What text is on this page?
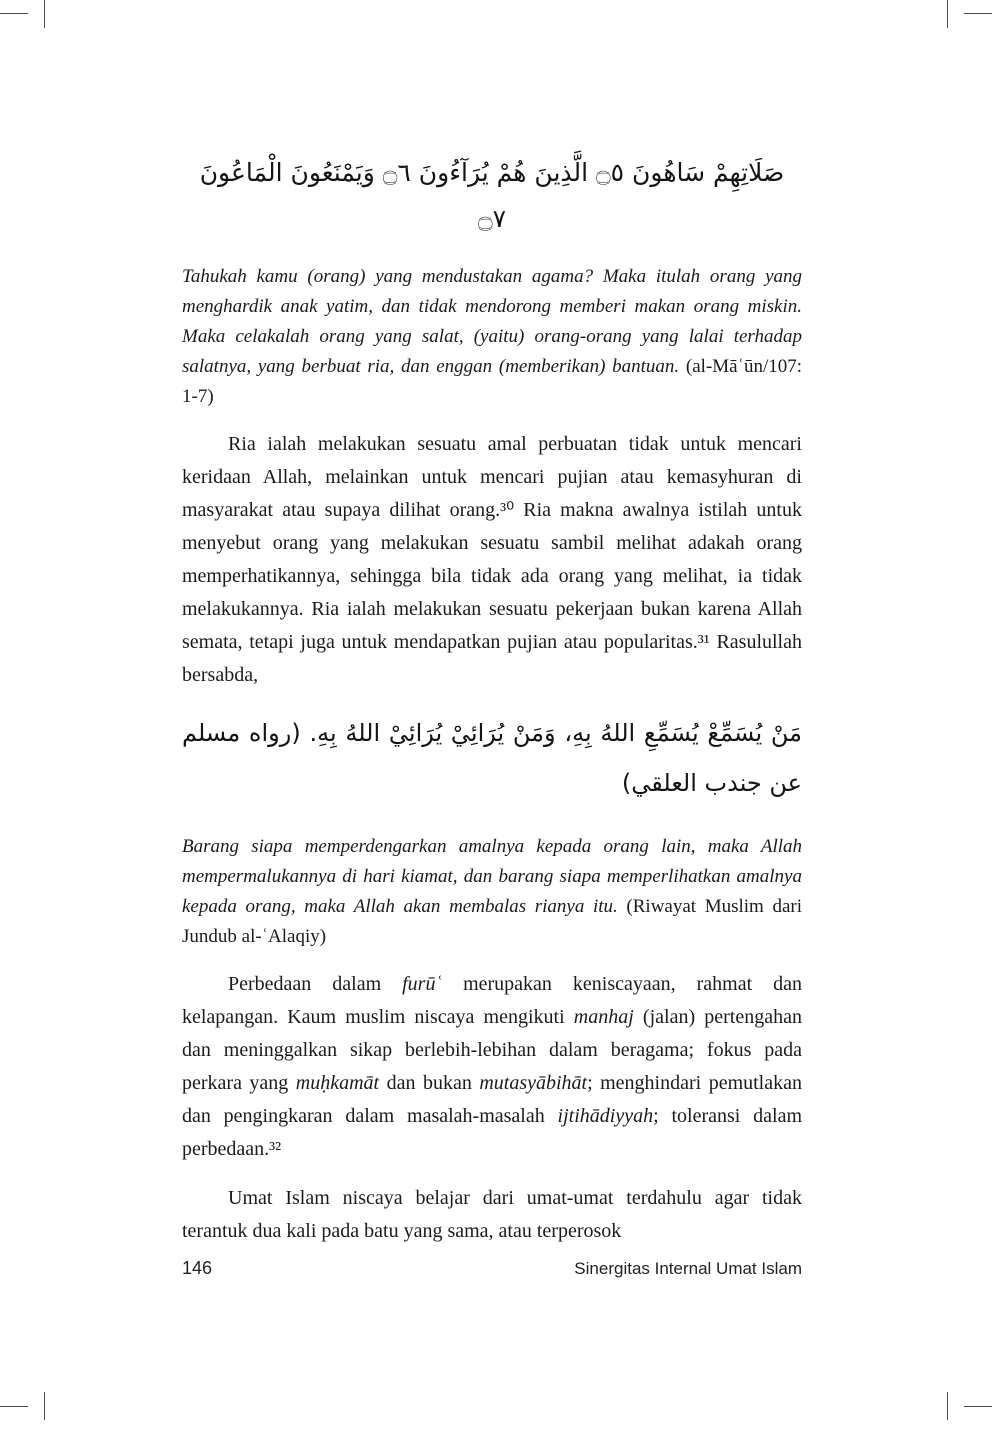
صَلَاتِهِمْ سَاهُونَ ۝٥ الَّذِينَ هُمْ يُرَآءُونَ ۝٦ وَيَمْنَعُونَ الْمَاعُونَ ۝٧

Tahukah kamu (orang) yang mendustakan agama? Maka itulah orang yang menghardik anak yatim, dan tidak mendorong memberi makan orang miskin. Maka celakalah orang yang salat, (yaitu) orang-orang yang lalai terhadap salatnya, yang berbuat ria, dan enggan (memberikan) bantuan. (al-Māʿūn/107: 1-7)

Ria ialah melakukan sesuatu amal perbuatan tidak untuk mencari keridaan Allah, melainkan untuk mencari pujian atau kemasyhuran di masyarakat atau supaya dilihat orang.³⁰ Ria makna awalnya istilah untuk menyebut orang yang melakukan sesuatu sambil melihat adakah orang memperhatikannya, sehingga bila tidak ada orang yang melihat, ia tidak melakukannya. Ria ialah melakukan sesuatu pekerjaan bukan karena Allah semata, tetapi juga untuk mendapatkan pujian atau popularitas.³¹ Rasulullah bersabda,

مَنْ يُسَمِّعْ يُسَمِّعِ اللهُ بِهِ، وَمَنْ يُرَائِيْ يُرَائِيْ اللهُ بِهِ. (رواه مسلم عن جندب العلقي)

Barang siapa memperdengarkan amalnya kepada orang lain, maka Allah mempermalukannya di hari kiamat, dan barang siapa memperlihatkan amalnya kepada orang, maka Allah akan membalas rianya itu. (Riwayat Muslim dari Jundub al-ʿAlaqiy)

Perbedaan dalam furūʿ merupakan keniscayaan, rahmat dan kelapangan. Kaum muslim niscaya mengikuti manhaj (jalan) pertengahan dan meninggalkan sikap berlebih-lebihan dalam beragama; fokus pada perkara yang muḥkamāt dan bukan mutasyābihāt; menghindari pemutlakan dan pengingkaran dalam masalah-masalah ijtihādiyyah; toleransi dalam perbedaan.³²

Umat Islam niscaya belajar dari umat-umat terdahulu agar tidak terantuk dua kali pada batu yang sama, atau terperosok

146	Sinergitas Internal Umat Islam
